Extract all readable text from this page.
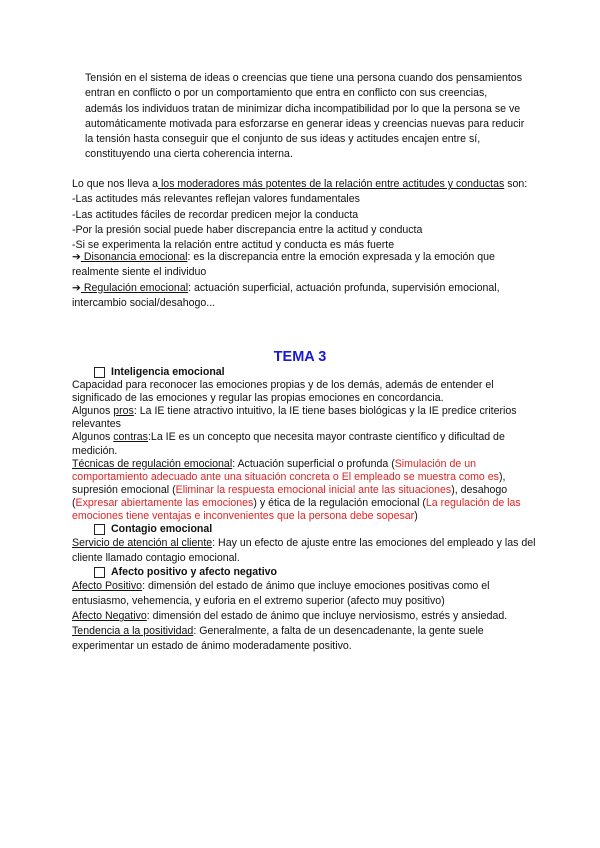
Tensión en el sistema de ideas o creencias que tiene una persona cuando dos pensamientos entran en conflicto o por un comportamiento que entra en conflicto con sus creencias, además los individuos tratan de minimizar dicha incompatibilidad por lo que la persona se ve automáticamente motivada para esforzarse en generar ideas y creencias nuevas para reducir la tensión hasta conseguir que el conjunto de sus ideas y actitudes encajen entre sí, constituyendo una cierta coherencia interna.

Lo que nos lleva a los moderadores más potentes de la relación entre actitudes y conductas son:
-Las actitudes más relevantes reflejan valores fundamentales
-Las actitudes fáciles de recordar predicen mejor la conducta
-Por la presión social puede haber discrepancia entre la actitud y conducta
-Si se experimenta la relación entre actitud y conducta es más fuerte
➔ Disonancia emocional: es la discrepancia entre la emoción expresada y la emoción que realmente siente el individuo
➔ Regulación emocional: actuación superficial, actuación profunda, supervisión emocional, intercambio social/desahogo...
TEMA 3
Inteligencia emocional
Capacidad para reconocer las emociones propias y de los demás, además de entender el significado de las emociones y regular las propias emociones en concordancia.
Algunos pros: La IE tiene atractivo intuitivo, la IE tiene bases biológicas y la IE predice criterios relevantes
Algunos contras:La IE es un concepto que necesita mayor contraste científico y dificultad de medición.
Técnicas de regulación emocional: Actuación superficial o profunda (Simulación de un comportamiento adecuado ante una situación concreta o El empleado se muestra como es), supresión emocional (Eliminar la respuesta emocional inicial ante las situaciones), desahogo (Expresar abiertamente las emociones) y ética de la regulación emocional (La regulación de las emociones tiene ventajas e inconvenientes que la persona debe sopesar)
Contagio emocional
Servicio de atención al cliente: Hay un efecto de ajuste entre las emociones del empleado y las del cliente llamado contagio emocional.
Afecto positivo y afecto negativo
Afecto Positivo: dimensión del estado de ánimo que incluye emociones positivas como el entusiasmo, vehemencia, y euforia en el extremo superior (afecto muy positivo)
Afecto Negativo: dimensión del estado de ánimo que incluye nerviosismo, estrés y ansiedad.
Tendencia a la positividad: Generalmente, a falta de un desencadenante, la gente suele experimentar un estado de ánimo moderadamente positivo.
